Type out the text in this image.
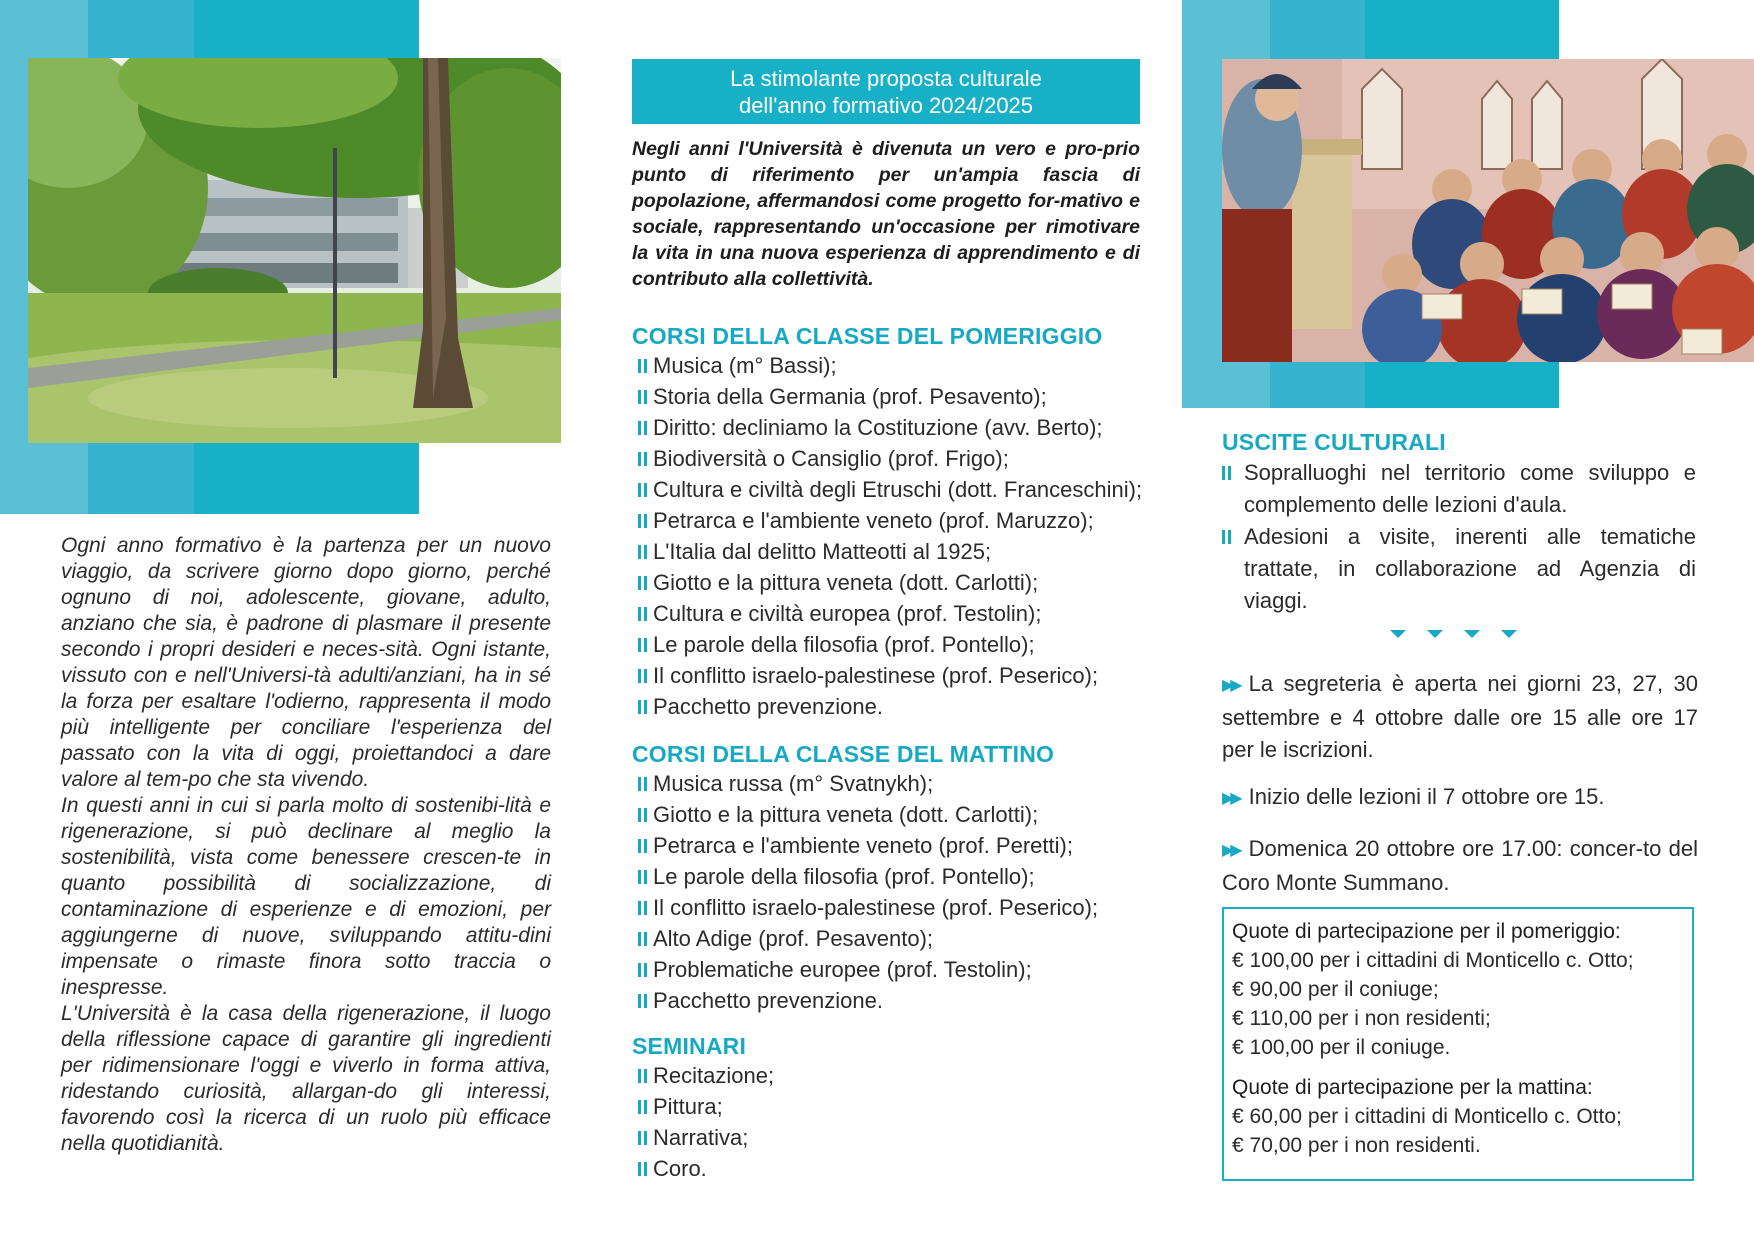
Ogni anno formativo è la partenza per un nuovo viaggio, da scrivere giorno dopo giorno, perché ognuno di noi, adolescente, giovane, adulto, anziano che sia, è padrone di plasmare il presente secondo i propri desideri e neces-sità. Ogni istante, vissuto con e nell'Universi-tà adulti/anziani, ha in sé la forza per esaltare l'odierno, rappresenta il modo più intelligente per conciliare l'esperienza del passato con la vita di oggi, proiettandoci a dare valore al tem-po che sta vivendo.

In questi anni in cui si parla molto di sostenibi-lità e rigenerazione, si può declinare al meglio la sostenibilità, vista come benessere crescen-te in quanto possibilità di socializzazione, di contaminazione di esperienze e di emozioni, per aggiungerne di nuove, sviluppando attitu-dini impensate o rimaste finora sotto traccia o inespresse.

L'Università è la casa della rigenerazione, il luogo della riflessione capace di garantire gli ingredienti per ridimensionare l'oggi e viverlo in forma attiva, ridestando curiosità, allargan-do gli interessi, favorendo così la ricerca di un ruolo più efficace nella quotidianità.

La stimolante proposta culturale
dell'anno formativo 2024/2025

Negli anni l'Università è divenuta un vero e pro-prio punto di riferimento per un'ampia fascia di popolazione, affermandosi come progetto for-mativo e sociale, rappresentando un'occasione per rimotivare la vita in una nuova esperienza di apprendimento e di contributo alla collettività.

CORSI DELLA CLASSE DEL POMERIGGIO
Musica (m° Bassi);
Storia della Germania (prof. Pesavento);
Diritto: decliniamo la Costituzione (avv. Berto);
Biodiversità o Cansiglio (prof. Frigo);
Cultura e civiltà degli Etruschi (dott. Franceschini);
Petrarca e l'ambiente veneto (prof. Maruzzo);
L'Italia dal delitto Matteotti al 1925;
Giotto e la pittura veneta (dott. Carlotti);
Cultura e civiltà europea (prof. Testolin);
Le parole della filosofia (prof. Pontello);
Il conflitto israelo-palestinese (prof. Peserico);
Pacchetto prevenzione.
CORSI DELLA CLASSE DEL MATTINO
Musica russa (m° Svatnykh);
Giotto e la pittura veneta (dott. Carlotti);
Petrarca e l'ambiente veneto (prof. Peretti);
Le parole della filosofia (prof. Pontello);
Il conflitto israelo-palestinese (prof. Peserico);
Alto Adige (prof. Pesavento);
Problematiche europee (prof. Testolin);
Pacchetto prevenzione.
SEMINARI
Recitazione;
Pittura;
Narrativa;
Coro.
USCITE CULTURALI
Sopralluoghi nel territorio come sviluppo e complemento delle lezioni d'aula.
Adesioni a visite, inerenti alle tematiche trattate, in collaborazione ad Agenzia di viaggi.

▶▶ La segreteria è aperta nei giorni 23, 27, 30 settembre e 4 ottobre dalle ore 15 alle ore 17 per le iscrizioni.

▶▶ Inizio delle lezioni il 7 ottobre ore 15.

▶▶ Domenica 20 ottobre ore 17.00: concer-to del Coro Monte Summano.

Quote di partecipazione per il pomeriggio:

€ 100,00 per i cittadini di Monticello c. Otto;

€ 90,00 per il coniuge;

€ 110,00 per i non residenti;

€ 100,00 per il coniuge.

Quote di partecipazione per la mattina:

€ 60,00 per i cittadini di Monticello c. Otto;

€ 70,00 per i non residenti.
